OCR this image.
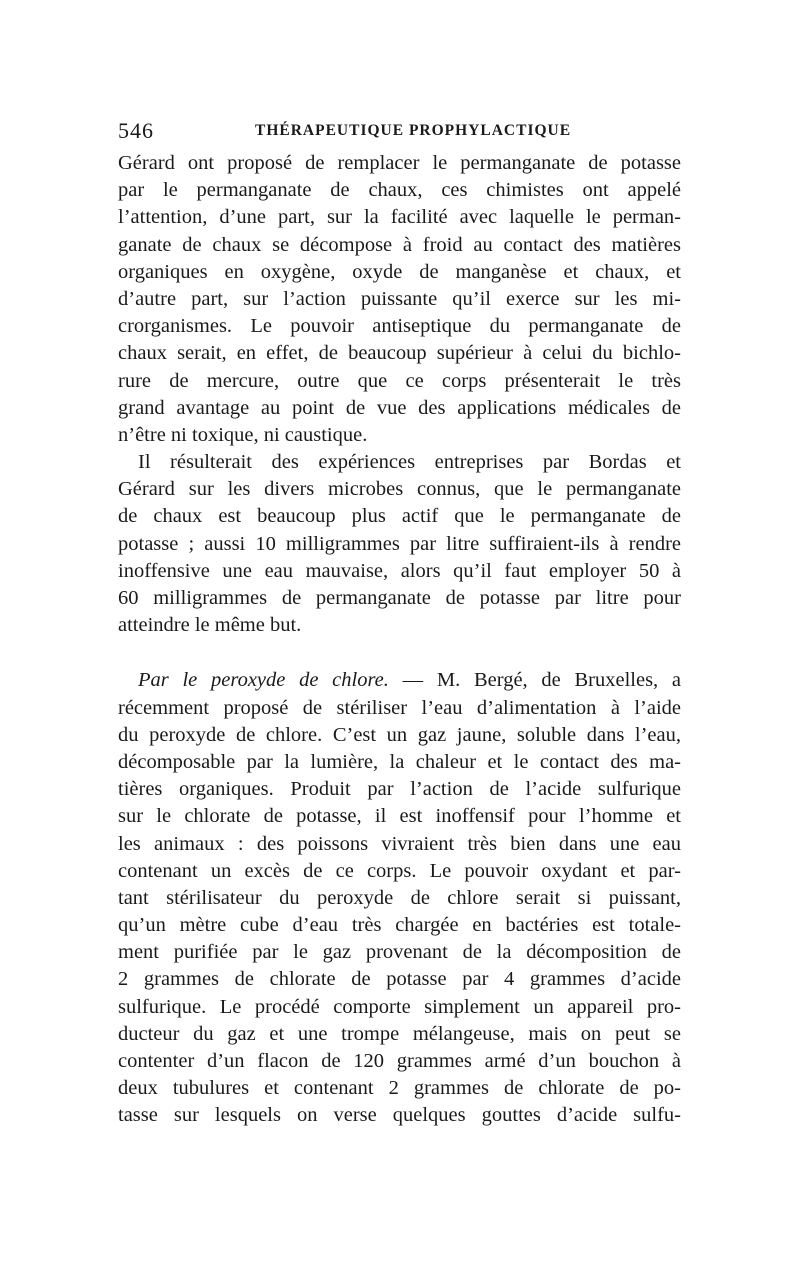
546	THÉRAPEUTIQUE PROPHYLACTIQUE
Gérard ont proposé de remplacer le permanganate de potasse
par le permanganate de chaux, ces chimistes ont appelé
l’attention, d’une part, sur la facilité avec laquelle le perman-
ganate de chaux se décompose à froid au contact des matières
organiques en oxygène, oxyde de manganèse et chaux, et
d’autre part, sur l’action puissante qu’il exerce sur les mi-
crorganismes. Le pouvoir antiseptique du permanganate de
chaux serait, en effet, de beaucoup supérieur à celui du bichlo-
rure de mercure, outre que ce corps présenterait le très
grand avantage au point de vue des applications médicales de
n’être ni toxique, ni caustique.
Il résulterait des expériences entreprises par Bordas et
Gérard sur les divers microbes connus, que le permanganate
de chaux est beaucoup plus actif que le permanganate de
potasse ; aussi 10 milligrammes par litre suffiraient-ils à rendre
inoffensive une eau mauvaise, alors qu’il faut employer 50 à
60 milligrammes de permanganate de potasse par litre pour
atteindre le même but.
Par le peroxyde de chlore. — M. Bergé, de Bruxelles, a
récemment proposé de stériliser l’eau d’alimentation à l’aide
du peroxyde de chlore. C’est un gaz jaune, soluble dans l’eau,
décomposable par la lumière, la chaleur et le contact des ma-
tières organiques. Produit par l’action de l’acide sulfurique
sur le chlorate de potasse, il est inoffensif pour l’homme et
les animaux : des poissons vivraient très bien dans une eau
contenant un excès de ce corps. Le pouvoir oxydant et par-
tant stérilisateur du peroxyde de chlore serait si puissant,
qu’un mètre cube d’eau très chargée en bactéries est totale-
ment purifiée par le gaz provenant de la décomposition de
2 grammes de chlorate de potasse par 4 grammes d’acide
sulfurique. Le procédé comporte simplement un appareil pro-
ducteur du gaz et une trompe mélangeuse, mais on peut se
contenter d’un flacon de 120 grammes armé d’un bouchon à
deux tubulures et contenant 2 grammes de chlorate de po-
tasse sur lesquels on verse quelques gouttes d’acide sulfu-
